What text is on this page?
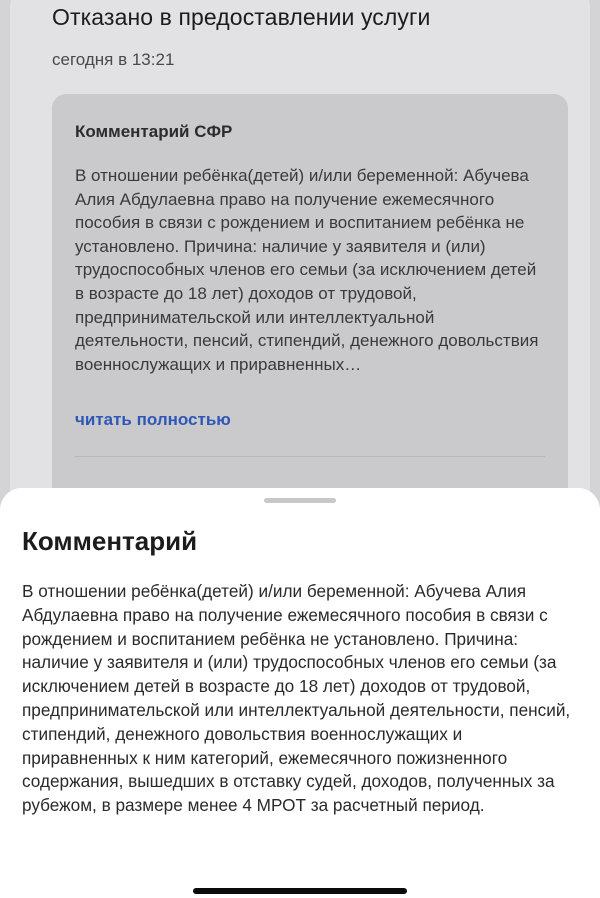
Отказано в предоставлении услуги
сегодня в 13:21
Комментарий СФР
В отношении ребёнка(детей) и/или беременной: Абучева Алия Абдулаевна право на получение ежемесячного пособия в связи с рождением и воспитанием ребёнка не установлено. Причина: наличие у заявителя и (или) трудоспособных членов его семьи (за исключением детей в возрасте до 18 лет) доходов от трудовой, предпринимательской или интеллектуальной деятельности, пенсий, стипендий, денежного довольствия военнослужащих и приравненных…
читать полностью
Комментарий
В отношении ребёнка(детей) и/или беременной: Абучева Алия Абдулаевна право на получение ежемесячного пособия в связи с рождением и воспитанием ребёнка не установлено. Причина: наличие у заявителя и (или) трудоспособных членов его семьи (за исключением детей в возрасте до 18 лет) доходов от трудовой, предпринимательской или интеллектуальной деятельности, пенсий, стипендий, денежного довольствия военнослужащих и приравненных к ним категорий, ежемесячного пожизненного содержания, вышедших в отставку судей, доходов, полученных за рубежом, в размере менее 4 МРОТ за расчетный период.
